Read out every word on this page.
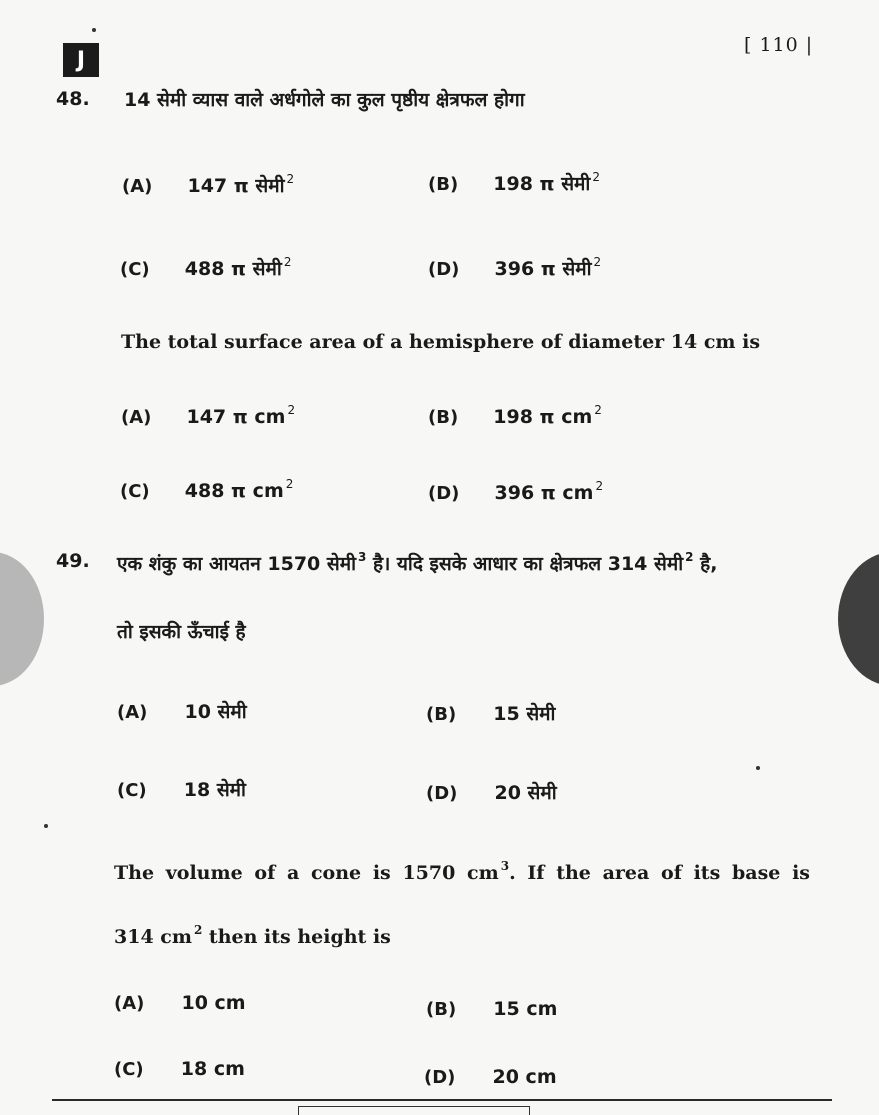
J
[ 110 |
48. 14 सेमी व्यास वाले अर्धगोले का कुल पृष्ठीय क्षेत्रफल होगा
(A) 147 π सेमी $^2$	(B) 198 π सेमी $^2$
(C) 488 π सेमी $^2$	(D) 396 π सेमी $^2$
The total surface area of a hemisphere of diameter 14 cm is
(A) 147 π cm $^2$	(B) 198 π cm $^2$
(C) 488 π cm $^2$	(D) 396 π cm $^2$
49. एक शंकु का आयतन 1570 सेमी $^3$ है। यदि इसके आधार का क्षेत्रफल 314 सेमी $^2$ है,
तो इसकी ऊँचाई है
(A) 10 सेमी	(B) 15 सेमी
(C) 18 सेमी	(D) 20 सेमी
The volume of a cone is 1570 cm $^3$. If the area of its base is
314 cm $^2$ then its height is
(A) 10 cm	(B) 15 cm
(C) 18 cm	(D) 20 cm
